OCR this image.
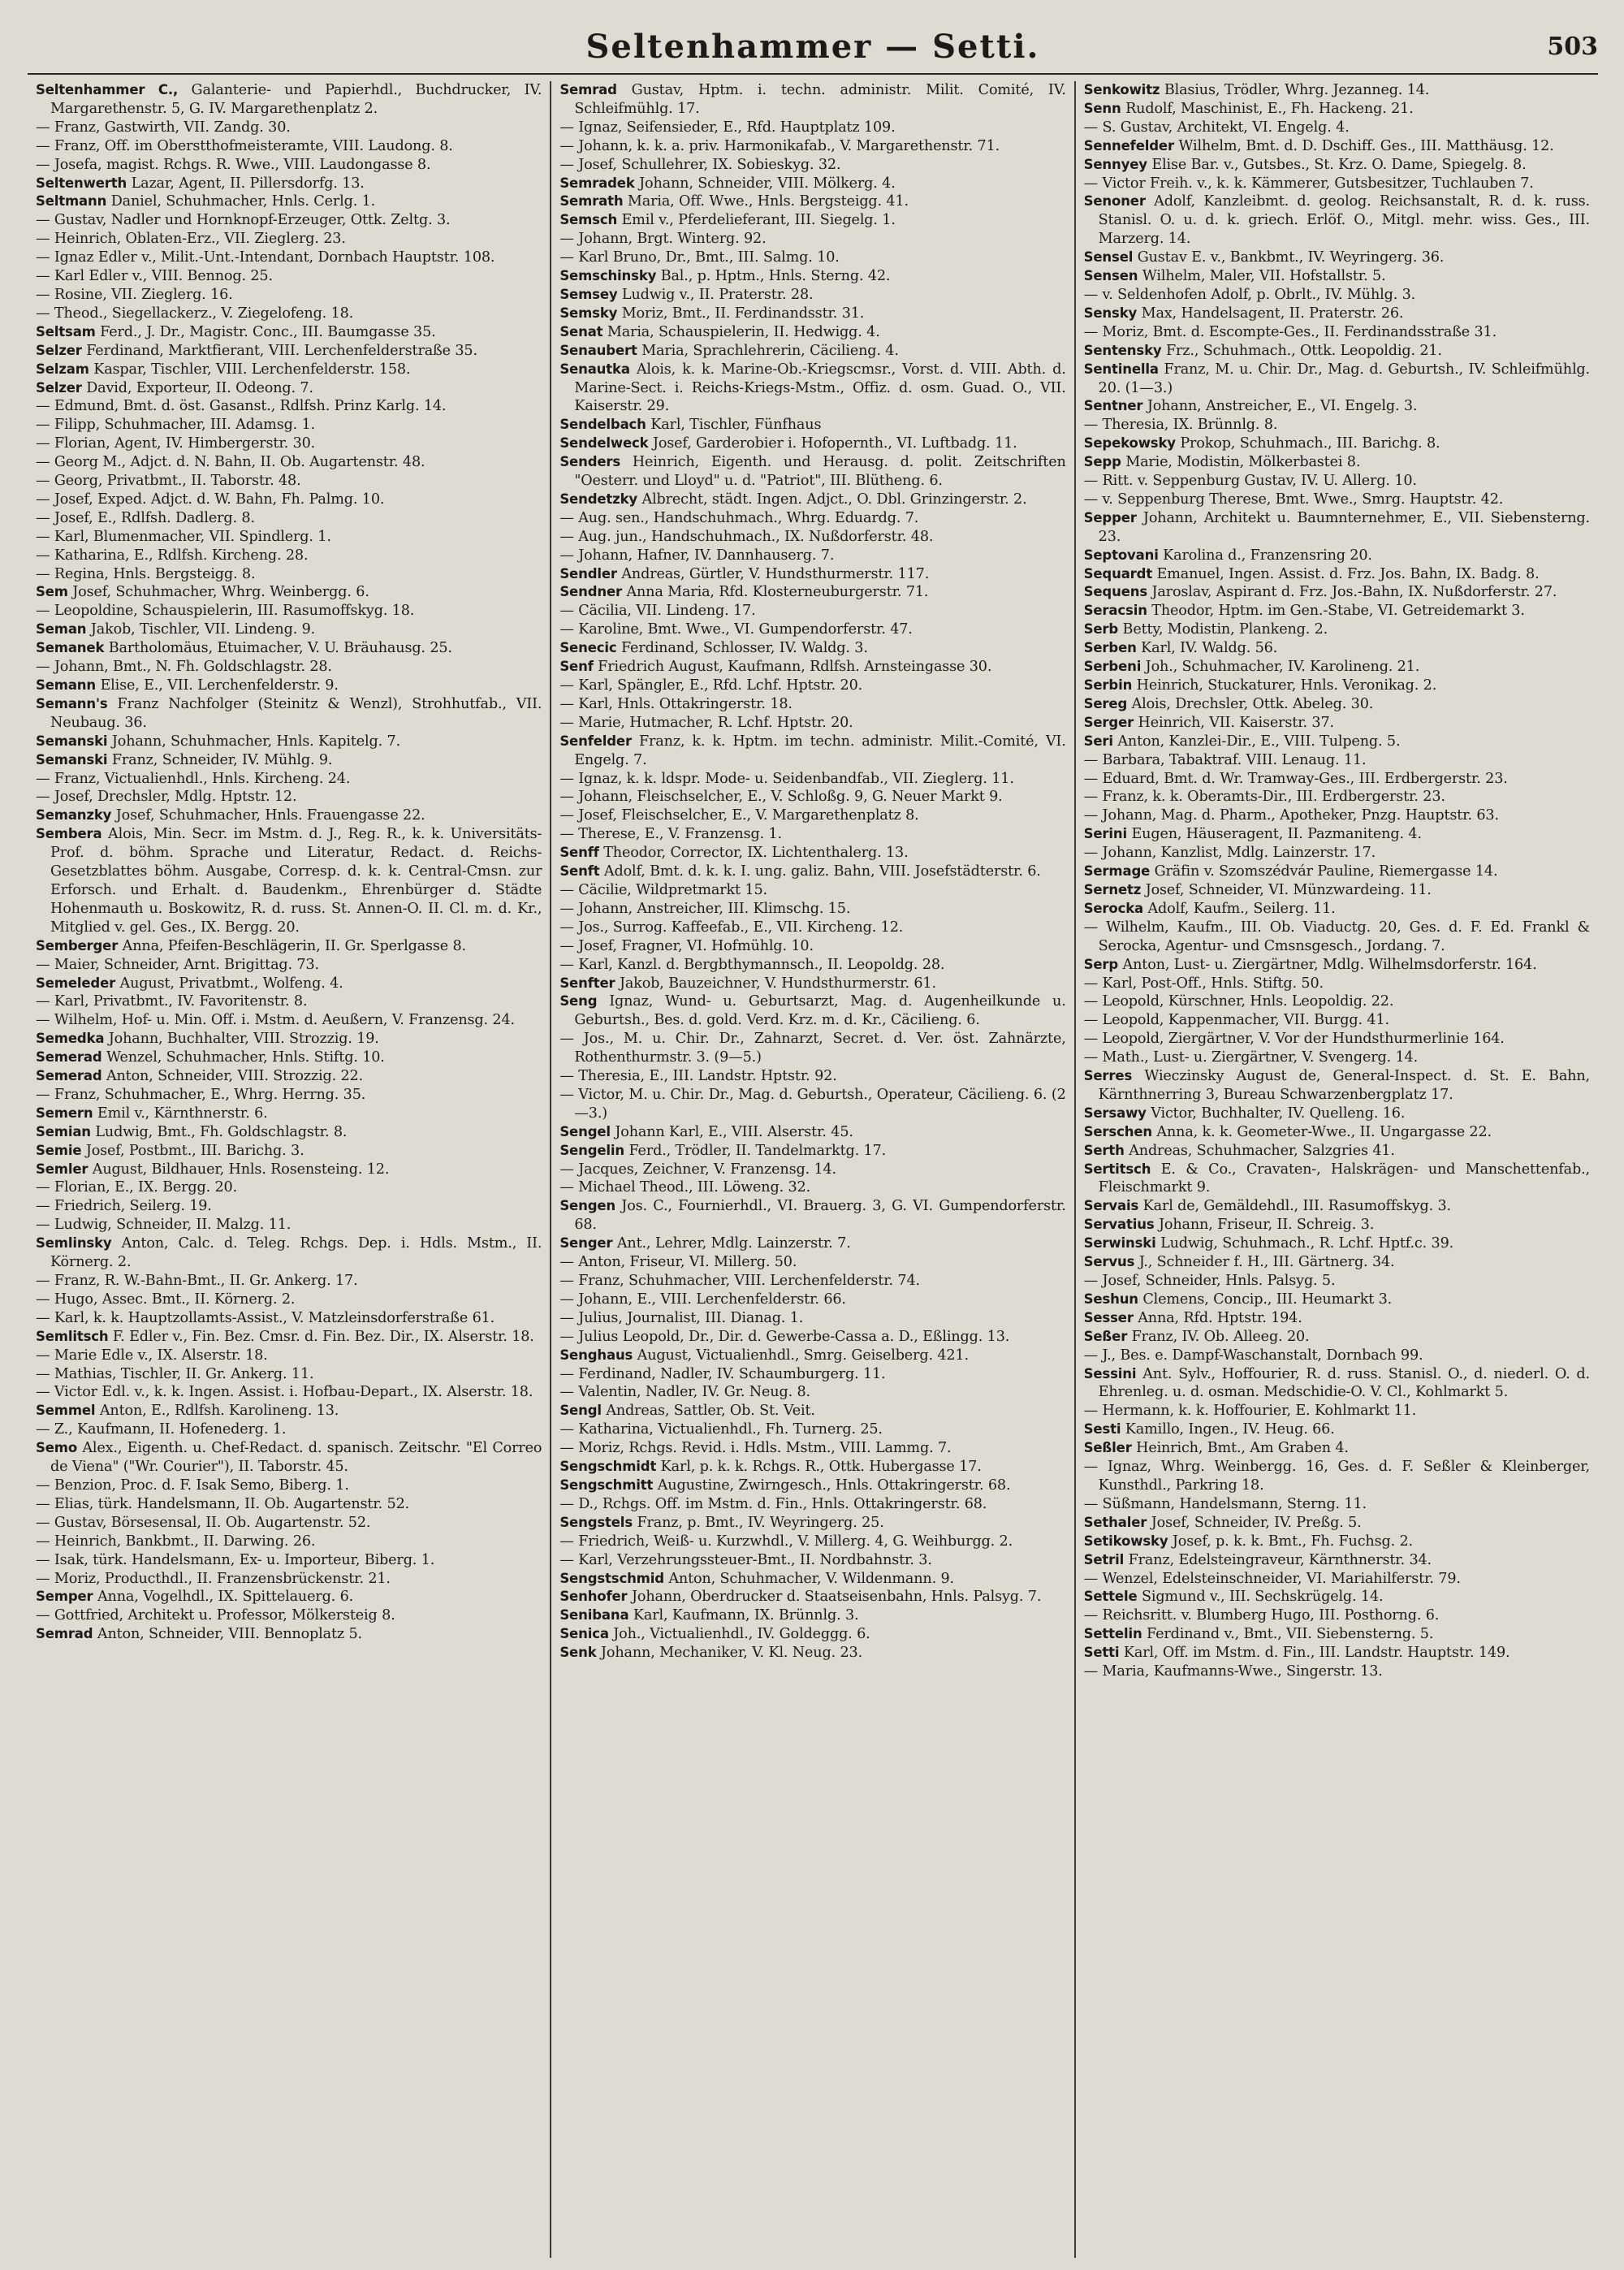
Seltenhammer — Setti.	503

Seltenhammer C., Galanterie- und Papierhdl., Buchdrucker, IV. Margarethenstr. 5, G. IV. Margarethenplatz 2.

— Franz, Gastwirth, VII. Zandg. 30.

— Franz, Off. im Oberstthofmeisteramte, VIII. Laudong. 8.

— Josefa, magist. Rchgs. R. Wwe., VIII. Laudongasse 8.

Seltenwerth Lazar, Agent, II. Pillersdorfg. 13.

Seltmann Daniel, Schuhmacher, Hnls. Cerlg. 1.

— Gustav, Nadler und Hornknopf-Erzeuger, Ottk. Zeltg. 3.

— Heinrich, Oblaten-Erz., VII. Zieglerg. 23.

— Ignaz Edler v., Milit.-Unt.-Intendant, Dornbach Hauptstr. 108.

— Karl Edler v., VIII. Bennog. 25.

— Rosine, VII. Zieglerg. 16.

— Theod., Siegellackerz., V. Ziegelofeng. 18.

Seltsam Ferd., J. Dr., Magistr. Conc., III. Baumgasse 35.

Selzer Ferdinand, Marktfierant, VIII. Lerchenfelderstraße 35.

Selzam Kaspar, Tischler, VIII. Lerchenfelderstr. 158.

Selzer David, Exporteur, II. Odeong. 7.

— Edmund, Bmt. d. öst. Gasanst., Rdlfsh. Prinz Karlg. 14.

— Filipp, Schuhmacher, III. Adamsg. 1.

— Florian, Agent, IV. Himbergerstr. 30.

— Georg M., Adjct. d. N. Bahn, II. Ob. Augartenstr. 48.

— Georg, Privatbmt., II. Taborstr. 48.

— Josef, Exped. Adjct. d. W. Bahn, Fh. Palmg. 10.

— Josef, E., Rdlfsh. Dadlerg. 8.

— Karl, Blumenmacher, VII. Spindlerg. 1.

— Katharina, E., Rdlfsh. Kircheng. 28.

— Regina, Hnls. Bergsteigg. 8.

Sem Josef, Schuhmacher, Whrg. Weinbergg. 6.

— Leopoldine, Schauspielerin, III. Rasumoffskyg. 18.

Seman Jakob, Tischler, VII. Lindeng. 9.

Semanek Bartholomäus, Etuimacher, V. U. Bräuhausg. 25.

— Johann, Bmt., N. Fh. Goldschlagstr. 28.

Semann Elise, E., VII. Lerchenfelderstr. 9.

Semann's Franz Nachfolger (Steinitz & Wenzl), Strohhutfab., VII. Neubaug. 36.

Semanski Johann, Schuhmacher, Hnls. Kapitelg. 7.

Semanski Franz, Schneider, IV. Mühlg. 9.

— Franz, Victualienhdl., Hnls. Kircheng. 24.

— Josef, Drechsler, Mdlg. Hptstr. 12.

Semanzky Josef, Schuhmacher, Hnls. Frauengasse 22.

Sembera Alois, Min. Secr. im Mstm. d. J., Reg. R., k. k. Universitäts-Prof. d. böhm. Sprache und Literatur, Redact. d. Reichs-Gesetzblattes böhm. Ausgabe, Corresp. d. k. k. Central-Cmsn. zur Erforsch. und Erhalt. d. Baudenkm., Ehrenbürger d. Städte Hohenmauth u. Boskowitz, R. d. russ. St. Annen-O. II. Cl. m. d. Kr., Mitglied v. gel. Ges., IX. Bergg. 20.

Semberger Anna, Pfeifen-Beschlägerin, II. Gr. Sperlgasse 8.

— Maier, Schneider, Arnt. Brigittag. 73.

Semeleder August, Privatbmt., Wolfeng. 4.

— Karl, Privatbmt., IV. Favoritenstr. 8.

— Wilhelm, Hof- u. Min. Off. i. Mstm. d. Aeußern, V. Franzensg. 24.

Semedka Johann, Buchhalter, VIII. Strozzig. 19.

Semerad Wenzel, Schuhmacher, Hnls. Stiftg. 10.

Semerad Anton, Schneider, VIII. Strozzig. 22.

— Franz, Schuhmacher, E., Whrg. Herrng. 35.

Semern Emil v., Kärnthnerstr. 6.

Semian Ludwig, Bmt., Fh. Goldschlagstr. 8.

Semie Josef, Postbmt., III. Barichg. 3.

Semler August, Bildhauer, Hnls. Rosensteing. 12.

— Florian, E., IX. Bergg. 20.

— Friedrich, Seilerg. 19.

— Ludwig, Schneider, II. Malzg. 11.

Semlinsky Anton, Calc. d. Teleg. Rchgs. Dep. i. Hdls. Mstm., II. Körnerg. 2.

— Franz, R. W.-Bahn-Bmt., II. Gr. Ankerg. 17.

— Hugo, Assec. Bmt., II. Körnerg. 2.

— Karl, k. k. Hauptzollamts-Assist., V. Matzleinsdorferstraße 61.

Semlitsch F. Edler v., Fin. Bez. Cmsr. d. Fin. Bez. Dir., IX. Alserstr. 18.

— Marie Edle v., IX. Alserstr. 18.

— Mathias, Tischler, II. Gr. Ankerg. 11.

— Victor Edl. v., k. k. Ingen. Assist. i. Hofbau-Depart., IX. Alserstr. 18.

Semmel Anton, E., Rdlfsh. Karolineng. 13.

— Z., Kaufmann, II. Hofenederg. 1.

Semo Alex., Eigenth. u. Chef-Redact. d. spanisch. Zeitschr. "El Correo de Viena" ("Wr. Courier"), II. Taborstr. 45.

— Benzion, Proc. d. F. Isak Semo, Biberg. 1.

— Elias, türk. Handelsmann, II. Ob. Augartenstr. 52.

— Gustav, Börsesensal, II. Ob. Augartenstr. 52.

— Heinrich, Bankbmt., II. Darwing. 26.

— Isak, türk. Handelsmann, Ex- u. Importeur, Biberg. 1.

— Moriz, Producthdl., II. Franzensbrückenstr. 21.

Semper Anna, Vogelhdl., IX. Spittelauerg. 6.

— Gottfried, Architekt u. Professor, Mölkersteig 8.

Semrad Anton, Schneider, VIII. Bennoplatz 5.

Semrad Gustav, Hptm. i. techn. administr. Milit. Comité, IV. Schleifmühlg. 17.

— Ignaz, Seifensieder, E., Rfd. Hauptplatz 109.

— Johann, k. k. a. priv. Harmonikafab., V. Margarethenstr. 71.

— Josef, Schullehrer, IX. Sobieskyg. 32.

Semradek Johann, Schneider, VIII. Mölkerg. 4.

Semrath Maria, Off. Wwe., Hnls. Bergsteigg. 41.

Semsch Emil v., Pferdelieferant, III. Siegelg. 1.

— Johann, Brgt. Winterg. 92.

— Karl Bruno, Dr., Bmt., III. Salmg. 10.

Semschinsky Bal., p. Hptm., Hnls. Sterng. 42.

Semsey Ludwig v., II. Praterstr. 28.

Semsky Moriz, Bmt., II. Ferdinandsstr. 31.

Senat Maria, Schauspielerin, II. Hedwigg. 4.

Senaubert Maria, Sprachlehrerin, Cäcilieng. 4.

Senautka Alois, k. k. Marine-Ob.-Kriegscmsr., Vorst. d. VIII. Abth. d. Marine-Sect. i. Reichs-Kriegs-Mstm., Offiz. d. osm. Guad. O., VII. Kaiserstr. 29.

Sendelbach Karl, Tischler, Fünfhaus

Sendelweck Josef, Garderobier i. Hofopernth., VI. Luftbadg. 11.

Senders Heinrich, Eigenth. und Herausg. d. polit. Zeitschriften "Oesterr. und Lloyd" u. d. "Patriot", III. Blütheng. 6.

Sendetzky Albrecht, städt. Ingen. Adjct., O. Dbl. Grinzingerstr. 2.

— Aug. sen., Handschuhmach., Whrg. Eduardg. 7.

— Aug. jun., Handschuhmach., IX. Nußdorferstr. 48.

— Johann, Hafner, IV. Dannhauserg. 7.

Sendler Andreas, Gürtler, V. Hundsthurmerstr. 117.

Sendner Anna Maria, Rfd. Klosterneuburgerstr. 71.

— Cäcilia, VII. Lindeng. 17.

— Karoline, Bmt. Wwe., VI. Gumpendorferstr. 47.

Senecic Ferdinand, Schlosser, IV. Waldg. 3.

Senf Friedrich August, Kaufmann, Rdlfsh. Arnsteingasse 30.

— Karl, Spängler, E., Rfd. Lchf. Hptstr. 20.

— Karl, Hnls. Ottakringerstr. 18.

— Marie, Hutmacher, R. Lchf. Hptstr. 20.

Senfelder Franz, k. k. Hptm. im techn. administr. Milit.-Comité, VI. Engelg. 7.

— Ignaz, k. k. ldspr. Mode- u. Seidenbandfab., VII. Zieglerg. 11.

— Johann, Fleischselcher, E., V. Schloßg. 9, G. Neuer Markt 9.

— Josef, Fleischselcher, E., V. Margarethenplatz 8.

— Therese, E., V. Franzensg. 1.

Senff Theodor, Corrector, IX. Lichtenthalerg. 13.

Senft Adolf, Bmt. d. k. k. I. ung. galiz. Bahn, VIII. Josefstädterstr. 6.

— Cäcilie, Wildpretmarkt 15.

— Johann, Anstreicher, III. Klimschg. 15.

— Jos., Surrog. Kaffeefab., E., VII. Kircheng. 12.

— Josef, Fragner, VI. Hofmühlg. 10.

— Karl, Kanzl. d. Bergbthymannsch., II. Leopoldg. 28.

Senfter Jakob, Bauzeichner, V. Hundsthurmerstr. 61.

Seng Ignaz, Wund- u. Geburtsarzt, Mag. d. Augenheilkunde u. Geburtsh., Bes. d. gold. Verd. Krz. m. d. Kr., Cäcilieng. 6.

— Jos., M. u. Chir. Dr., Zahnarzt, Secret. d. Ver. öst. Zahnärzte, Rothenthurmstr. 3. (9—5.)

— Theresia, E., III. Landstr. Hptstr. 92.

— Victor, M. u. Chir. Dr., Mag. d. Geburtsh., Operateur, Cäcilieng. 6. (2—3.)

Sengel Johann Karl, E., VIII. Alserstr. 45.

Sengelin Ferd., Trödler, II. Tandelmarktg. 17.

— Jacques, Zeichner, V. Franzensg. 14.

— Michael Theod., III. Löweng. 32.

Sengen Jos. C., Fournierhdl., VI. Brauerg. 3, G. VI. Gumpendorferstr. 68.

Senger Ant., Lehrer, Mdlg. Lainzerstr. 7.

— Anton, Friseur, VI. Millerg. 50.

— Franz, Schuhmacher, VIII. Lerchenfelderstr. 74.

— Johann, E., VIII. Lerchenfelderstr. 66.

— Julius, Journalist, III. Dianag. 1.

— Julius Leopold, Dr., Dir. d. Gewerbe-Cassa a. D., Eßlingg. 13.

Senghaus August, Victualienhdl., Smrg. Geiselberg. 421.

— Ferdinand, Nadler, IV. Schaumburgerg. 11.

— Valentin, Nadler, IV. Gr. Neug. 8.

Sengl Andreas, Sattler, Ob. St. Veit.

— Katharina, Victualienhdl., Fh. Turnerg. 25.

— Moriz, Rchgs. Revid. i. Hdls. Mstm., VIII. Lammg. 7.

Sengschmidt Karl, p. k. k. Rchgs. R., Ottk. Hubergasse 17.

Sengschmitt Augustine, Zwirngesch., Hnls. Ottakringerstr. 68.

— D., Rchgs. Off. im Mstm. d. Fin., Hnls. Ottakringerstr. 68.

Sengstels Franz, p. Bmt., IV. Weyringerg. 25.

— Friedrich, Weiß- u. Kurzwhdl., V. Millerg. 4, G. Weihburgg. 2.

— Karl, Verzehrungssteuer-Bmt., II. Nordbahnstr. 3.

Sengstschmid Anton, Schuhmacher, V. Wildenmann. 9.

Senhofer Johann, Oberdrucker d. Staatseisenbahn, Hnls. Palsyg. 7.

Senibana Karl, Kaufmann, IX. Brünnlg. 3.

Senica Joh., Victualienhdl., IV. Goldeggg. 6.

Senk Johann, Mechaniker, V. Kl. Neug. 23.

Senkowitz Blasius, Trödler, Whrg. Jezanneg. 14.

Senn Rudolf, Maschinist, E., Fh. Hackeng. 21.

— S. Gustav, Architekt, VI. Engelg. 4.

Sennefelder Wilhelm, Bmt. d. D. Dschiff. Ges., III. Matthäusg. 12.

Sennyey Elise Bar. v., Gutsbes., St. Krz. O. Dame, Spiegelg. 8.

— Victor Freih. v., k. k. Kämmerer, Gutsbesitzer, Tuchlauben 7.

Senoner Adolf, Kanzleibmt. d. geolog. Reichsanstalt, R. d. k. russ. Stanisl. O. u. d. k. griech. Erlöf. O., Mitgl. mehr. wiss. Ges., III. Marzerg. 14.

Sensel Gustav E. v., Bankbmt., IV. Weyringerg. 36.

Sensen Wilhelm, Maler, VII. Hofstallstr. 5.

— v. Seldenhofen Adolf, p. Obrlt., IV. Mühlg. 3.

Sensky Max, Handelsagent, II. Praterstr. 26.

— Moriz, Bmt. d. Escompte-Ges., II. Ferdinandsstraße 31.

Sentensky Frz., Schuhmach., Ottk. Leopoldig. 21.

Sentinella Franz, M. u. Chir. Dr., Mag. d. Geburtsh., IV. Schleifmühlg. 20. (1—3.)

Sentner Johann, Anstreicher, E., VI. Engelg. 3.

— Theresia, IX. Brünnlg. 8.

Sepekowsky Prokop, Schuhmach., III. Barichg. 8.

Sepp Marie, Modistin, Mölkerbastei 8.

— Ritt. v. Seppenburg Gustav, IV. U. Allerg. 10.

— v. Seppenburg Therese, Bmt. Wwe., Smrg. Hauptstr. 42.

Sepper Johann, Architekt u. Baumnternehmer, E., VII. Siebensterng. 23.

Septovani Karolina d., Franzensring 20.

Sequardt Emanuel, Ingen. Assist. d. Frz. Jos. Bahn, IX. Badg. 8.

Sequens Jaroslav, Aspirant d. Frz. Jos.-Bahn, IX. Nußdorferstr. 27.

Seracsin Theodor, Hptm. im Gen.-Stabe, VI. Getreidemarkt 3.

Serb Betty, Modistin, Plankeng. 2.

Serben Karl, IV. Waldg. 56.

Serbeni Joh., Schuhmacher, IV. Karolineng. 21.

Serbin Heinrich, Stuckaturer, Hnls. Veronikag. 2.

Sereg Alois, Drechsler, Ottk. Abeleg. 30.

Serger Heinrich, VII. Kaiserstr. 37.

Seri Anton, Kanzlei-Dir., E., VIII. Tulpeng. 5.

— Barbara, Tabaktraf. VIII. Lenaug. 11.

— Eduard, Bmt. d. Wr. Tramway-Ges., III. Erdbergerstr. 23.

— Franz, k. k. Oberamts-Dir., III. Erdbergerstr. 23.

— Johann, Mag. d. Pharm., Apotheker, Pnzg. Hauptstr. 63.

Serini Eugen, Häuseragent, II. Pazmaniteng. 4.

— Johann, Kanzlist, Mdlg. Lainzerstr. 17.

Sermage Gräfin v. Szomszédvár Pauline, Riemergasse 14.

Sernetz Josef, Schneider, VI. Münzwardeing. 11.

Serocka Adolf, Kaufm., Seilerg. 11.

— Wilhelm, Kaufm., III. Ob. Viaductg. 20, Ges. d. F. Ed. Frankl & Serocka, Agentur- und Cmsnsgesch., Jordang. 7.

Serp Anton, Lust- u. Ziergärtner, Mdlg. Wilhelmsdorferstr. 164.

— Karl, Post-Off., Hnls. Stiftg. 50.

— Leopold, Kürschner, Hnls. Leopoldig. 22.

— Leopold, Kappenmacher, VII. Burgg. 41.

— Leopold, Ziergärtner, V. Vor der Hundsthurmerlinie 164.

— Math., Lust- u. Ziergärtner, V. Svengerg. 14.

Serres Wieczinsky August de, General-Inspect. d. St. E. Bahn, Kärnthnerring 3, Bureau Schwarzenbergplatz 17.

Sersawy Victor, Buchhalter, IV. Quelleng. 16.

Serschen Anna, k. k. Geometer-Wwe., II. Ungargasse 22.

Serth Andreas, Schuhmacher, Salzgries 41.

Sertitsch E. & Co., Cravaten-, Halskrägen- und Manschettenfab., Fleischmarkt 9.

Servais Karl de, Gemäldehdl., III. Rasumoffskyg. 3.

Servatius Johann, Friseur, II. Schreig. 3.

Serwinski Ludwig, Schuhmach., R. Lchf. Hptf.c. 39.

Servus J., Schneider f. H., III. Gärtnerg. 34.

— Josef, Schneider, Hnls. Palsyg. 5.

Seshun Clemens, Concip., III. Heumarkt 3.

Sesser Anna, Rfd. Hptstr. 194.

Seßer Franz, IV. Ob. Alleeg. 20.

— J., Bes. e. Dampf-Waschanstalt, Dornbach 99.

Sessini Ant. Sylv., Hoffourier, R. d. russ. Stanisl. O., d. niederl. O. d. Ehrenleg. u. d. osman. Medschidie-O. V. Cl., Kohlmarkt 5.

— Hermann, k. k. Hoffourier, E. Kohlmarkt 11.

Sesti Kamillo, Ingen., IV. Heug. 66.

Seßler Heinrich, Bmt., Am Graben 4.

— Ignaz, Whrg. Weinbergg. 16, Ges. d. F. Seßler & Kleinberger, Kunsthdl., Parkring 18.

— Süßmann, Handelsmann, Sterng. 11.

Sethaler Josef, Schneider, IV. Preßg. 5.

Setikowsky Josef, p. k. k. Bmt., Fh. Fuchsg. 2.

Setril Franz, Edelsteingraveur, Kärnthnerstr. 34.

— Wenzel, Edelsteinschneider, VI. Mariahilferstr. 79.

Settele Sigmund v., III. Sechskrügelg. 14.

— Reichsritt. v. Blumberg Hugo, III. Posthorng. 6.

Settelin Ferdinand v., Bmt., VII. Siebensterng. 5.

Setti Karl, Off. im Mstm. d. Fin., III. Landstr. Hauptstr. 149.

— Maria, Kaufmanns-Wwe., Singerstr. 13.
